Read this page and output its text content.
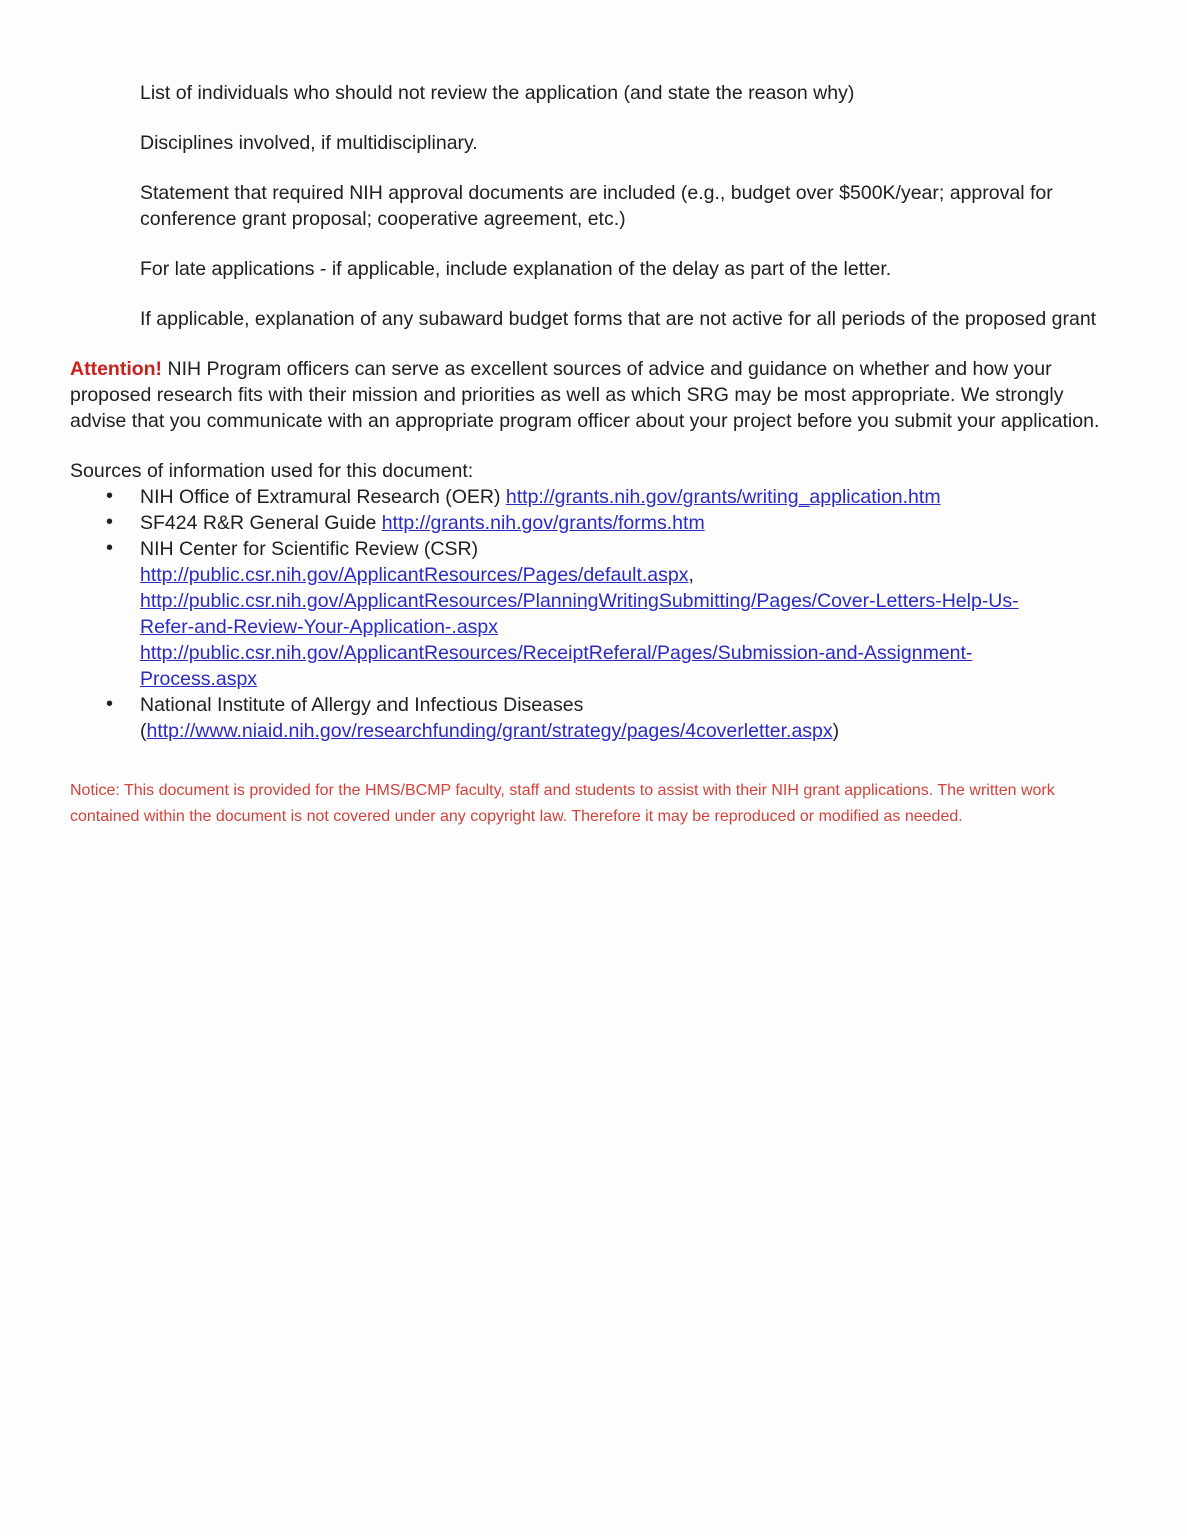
List of individuals who should not review the application (and state the reason why)

Disciplines involved, if multidisciplinary.

Statement that required NIH approval documents are included (e.g., budget over $500K/year; approval for conference grant proposal; cooperative agreement, etc.)

For late applications - if applicable, include explanation of the delay as part of the letter.

If applicable, explanation of any subaward budget forms that are not active for all periods of the proposed grant

Attention! NIH Program officers can serve as excellent sources of advice and guidance on whether and how your proposed research fits with their mission and priorities as well as which SRG may be most appropriate. We strongly advise that you communicate with an appropriate program officer about your project before you submit your application.

Sources of information used for this document:

• NIH Office of Extramural Research (OER) http://grants.nih.gov/grants/writing_application.htm
• SF424 R&R General Guide http://grants.nih.gov/grants/forms.htm
• NIH Center for Scientific Review (CSR)
http://public.csr.nih.gov/ApplicantResources/Pages/default.aspx,
http://public.csr.nih.gov/ApplicantResources/PlanningWritingSubmitting/Pages/Cover-Letters-Help-Us-Refer-and-Review-Your-Application-.aspx
http://public.csr.nih.gov/ApplicantResources/ReceiptReferal/Pages/Submission-and-Assignment-Process.aspx
• National Institute of Allergy and Infectious Diseases
(http://www.niaid.nih.gov/researchfunding/grant/strategy/pages/4coverletter.aspx)

Notice: This document is provided for the HMS/BCMP faculty, staff and students to assist with their NIH grant applications. The written work contained within the document is not covered under any copyright law. Therefore it may be reproduced or modified as needed.
